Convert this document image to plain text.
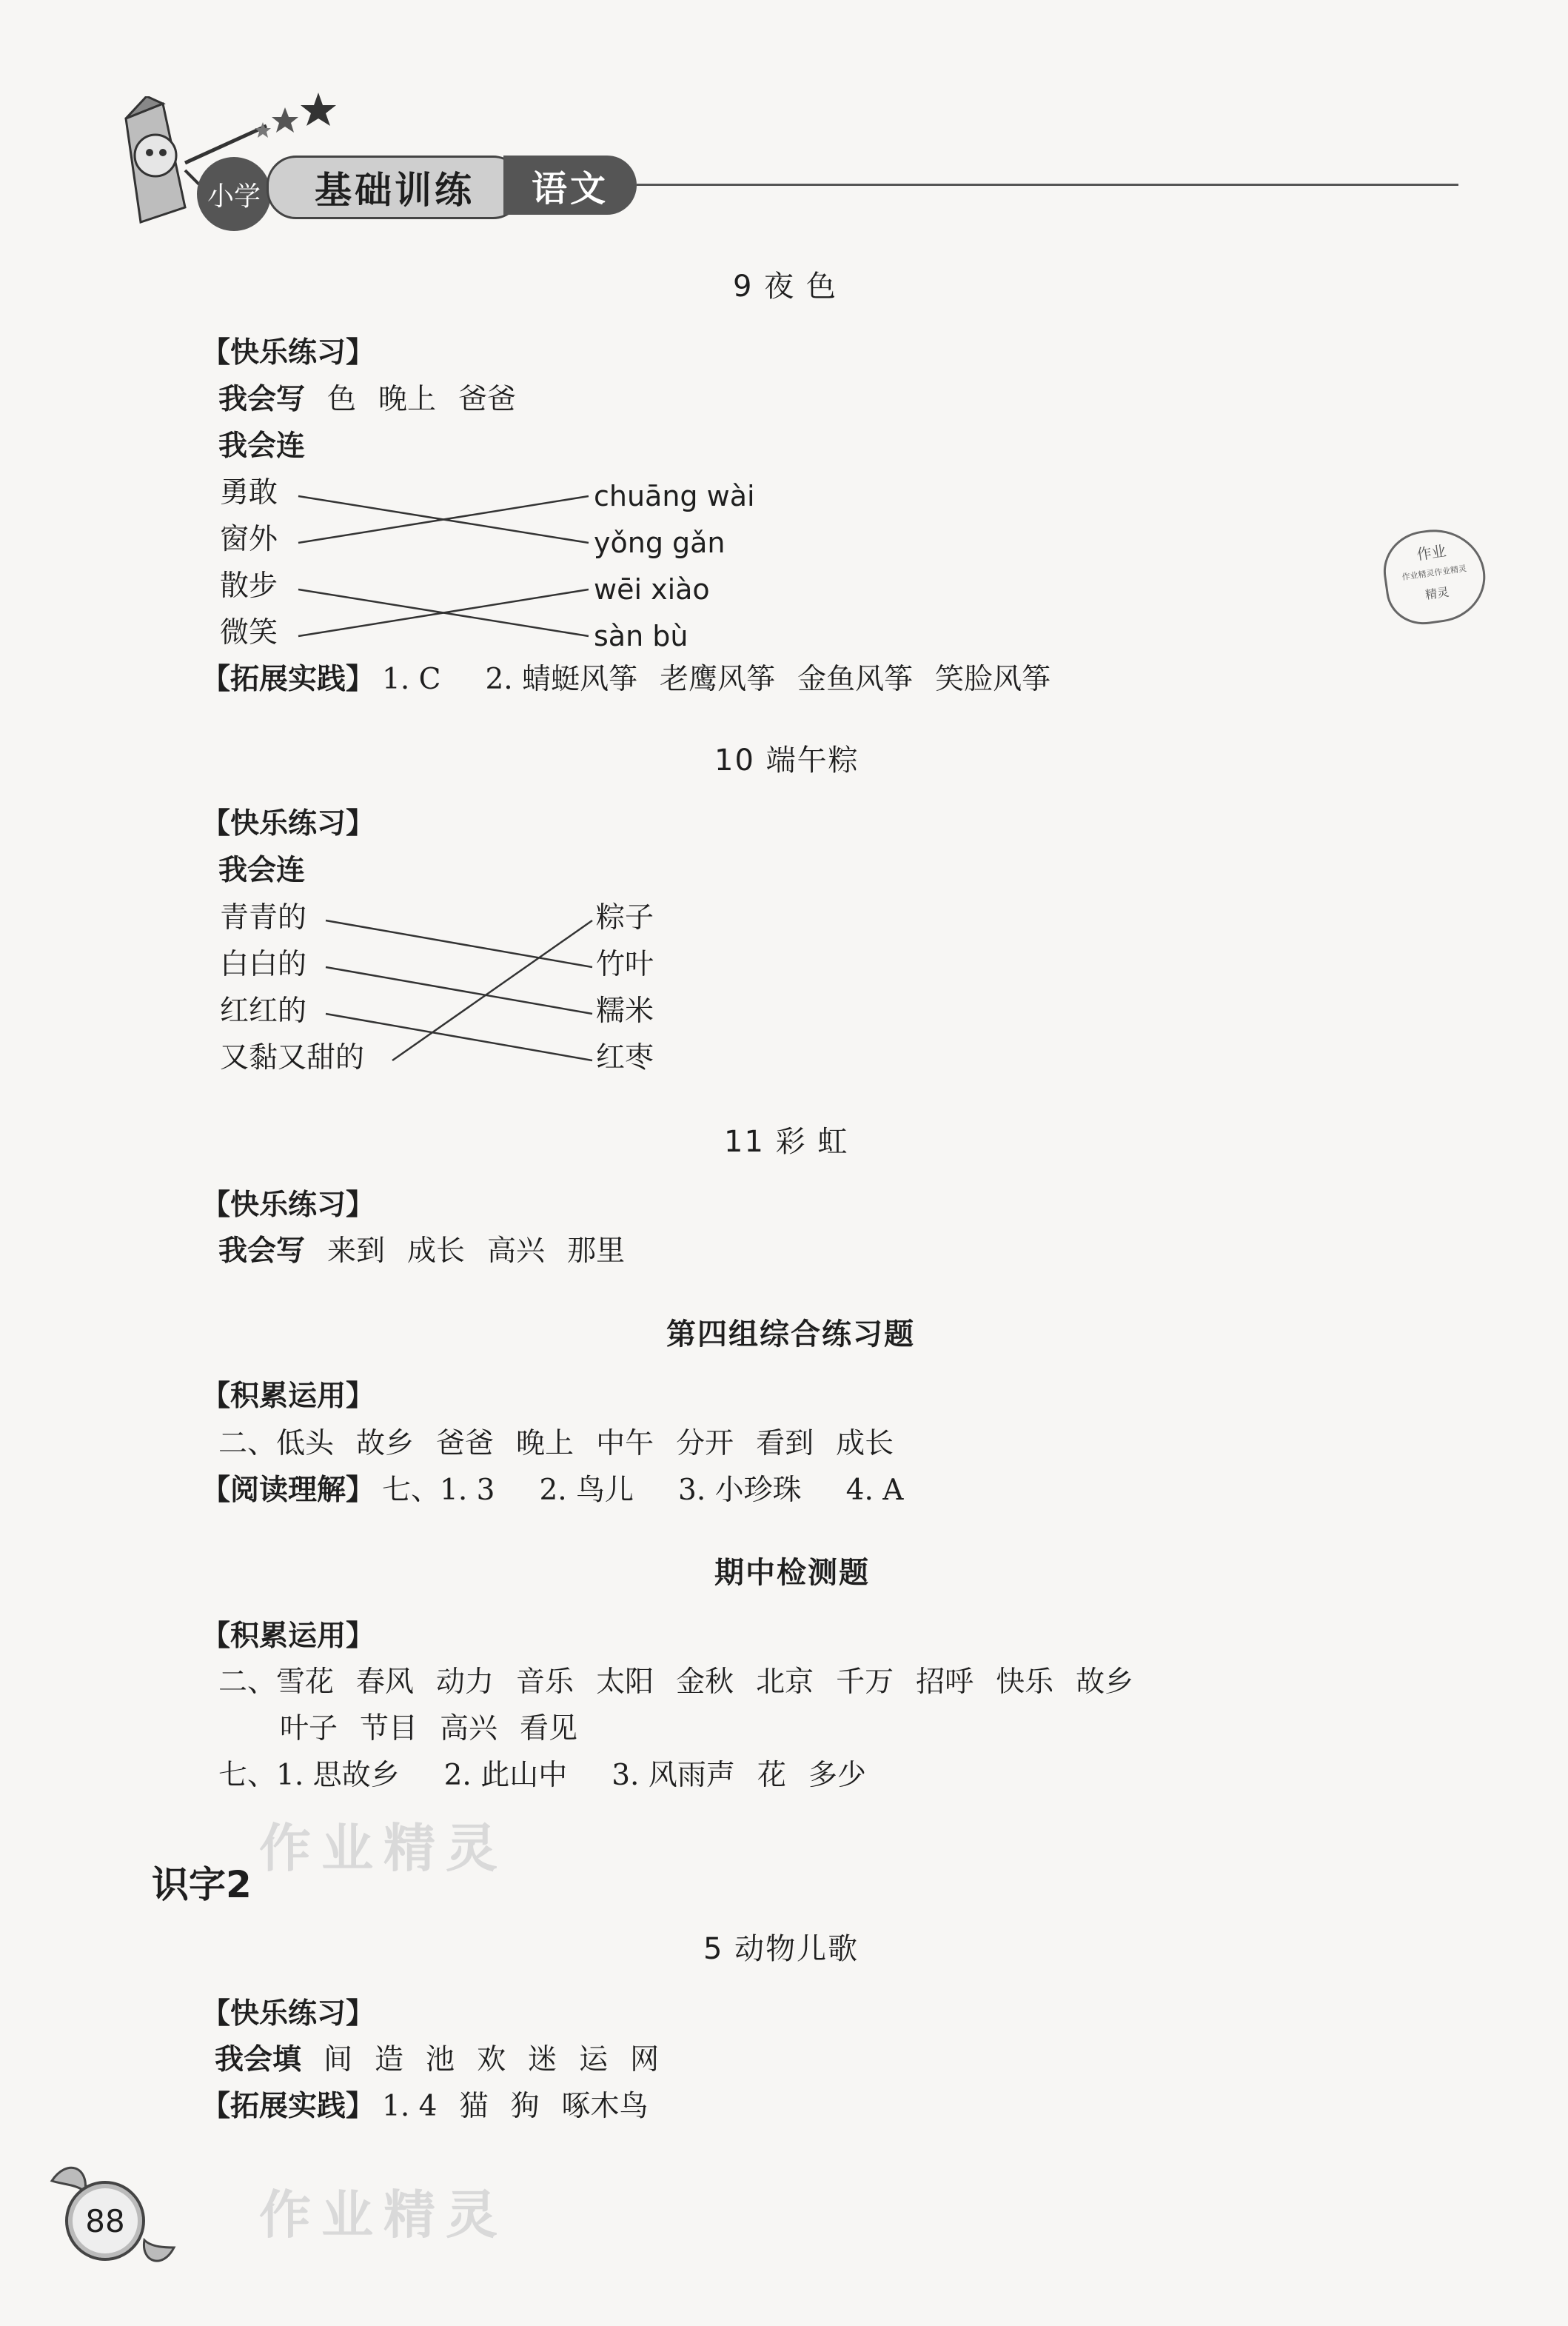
小学	基础训练	语文
9 夜 色
【快乐练习】
我会写 色 晚上 爸爸
我会连
勇敢
窗外
散步
微笑
chuāng wài
yǒng gǎn
wēi xiào
sàn bù
【拓展实践】 1. C 2. 蜻蜓风筝 老鹰风筝 金鱼风筝 笑脸风筝
作业
作业精灵作业精灵
精灵
10 端午粽
【快乐练习】
我会连
青青的
白白的
红红的
又黏又甜的
粽子
竹叶
糯米
红枣
11 彩 虹
【快乐练习】
我会写 来到 成长 高兴 那里
第四组综合练习题
【积累运用】
二、低头 故乡 爸爸 晚上 中午 分开 看到 成长
【阅读理解】 七、1. 3 2. 鸟儿 3. 小珍珠 4. A
期中检测题
【积累运用】
二、雪花 春风 动力 音乐 太阳 金秋 北京 千万 招呼 快乐 故乡
叶子 节目 高兴 看见
七、1. 思故乡 2. 此山中 3. 风雨声 花 多少
作业精灵
识字2
5 动物儿歌
【快乐练习】
我会填 间 造 池 欢 迷 运 网
【拓展实践】 1. 4 猫 狗 啄木鸟
作业精灵
88
